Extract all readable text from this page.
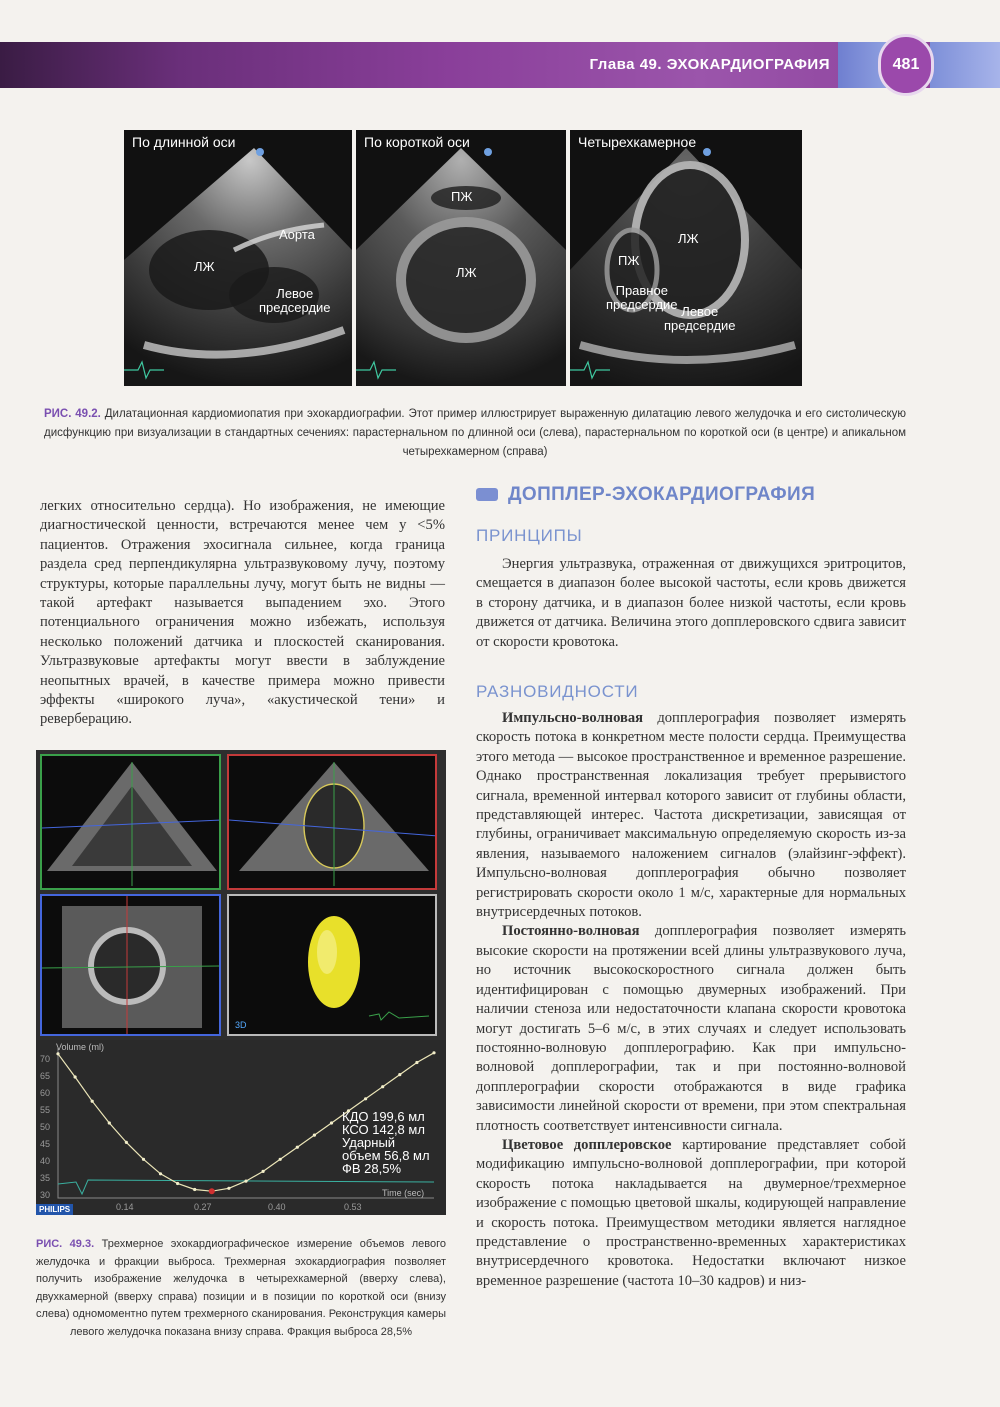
Глава 49. ЭХОКАРДИОГРАФИЯ	481
По длинной оси
Аорта
ЛЖ
Левое
предсердие
По короткой оси
ПЖ
ЛЖ
Четырехкамерное
ЛЖ
ПЖ
Правное
предсердие Левое
предсердие
РИС. 49.2. Дилатационная кардиомиопатия при эхокардиографии. Этот пример иллюстрирует выраженную дилатацию левого желудочка и его систолическую дисфункцию при визуализации в стандартных сечениях: парастернальном по длинной оси (слева), парастернальном по короткой оси (в центре) и апикальном четырехкамерном (справа)

легких относительно сердца). Но изображения, не имеющие диагностической ценности, встречаются менее чем у <5% пациентов. Отражения эхосигнала сильнее, когда граница раздела сред перпендикулярна ультразвуковому лучу, поэтому структуры, которые параллельны лучу, могут быть не видны — такой артефакт называется выпадением эхо. Этого потенциального ограничения можно избежать, используя несколько положений датчика и плоскостей сканирования. Ультразвуковые артефакты могут ввести в заблуждение неопытных врачей, в качестве примера можно привести эффекты «широкого луча», «акустической тени» и реверберацию.

3D
Volume (ml)
Time (sec)
70
65
60
55
50
45
40
35
30
0.14	0.27	0.40	0.53
КДО 199,6 мл
КСО 142,8 мл
Ударный
объем 56,8 мл
ФВ 28,5%
PHILIPS
РИС. 49.3. Трехмерное эхокардиографическое измерение объемов левого желудочка и фракции выброса. Трехмерная эхокардиография позволяет получить изображение желудочка в четырехкамерной (вверху слева), двухкамерной (вверху справа) позиции и в позиции по короткой оси (внизу слева) одномоментно путем трехмерного сканирования. Реконструкция камеры левого желудочка показана внизу справа. Фракция выброса 28,5%
ДОППЛЕР-ЭХОКАРДИОГРАФИЯ
ПРИНЦИПЫ

Энергия ультразвука, отраженная от движущихся эритроцитов, смещается в диапазон более высокой частоты, если кровь движется в сторону датчика, и в диапазон более низкой частоты, если кровь движется от датчика. Величина этого допплеровского сдвига зависит от скорости кровотока.

РАЗНОВИДНОСТИ

Импульсно-волновая допплерография позволяет измерять скорость потока в конкретном месте полости сердца. Преимущества этого метода — высокое пространственное и временное разрешение. Однако пространственная локализация требует прерывистого сигнала, временной интервал которого зависит от глубины области, представляющей интерес. Частота дискретизации, зависящая от глубины, ограничивает максимальную определяемую скорость из-за явления, называемого наложением сигналов (элайзинг-эффект). Импульсно-волновая допплерография обычно позволяет регистрировать скорости около 1 м/с, характерные для нормальных внутрисердечных потоков.

Постоянно-волновая допплерография позволяет измерять высокие скорости на протяжении всей длины ультразвукового луча, но источник высокоскоростного сигнала должен быть идентифицирован с помощью двумерных изображений. При наличии стеноза или недостаточности клапана скорости кровотока могут достигать 5–6 м/с, в этих случаях и следует использовать постоянно-волновую допплерографию. Как при импульсно-волновой допплерографии, так и при постоянно-волновой допплерографии скорости отображаются в виде графика зависимости линейной скорости от времени, при этом спектральная плотность соответствует интенсивности сигнала.

Цветовое допплеровское картирование представляет собой модификацию импульсно-волновой допплерографии, при которой скорость потока накладывается на двумерное/трехмерное изображение с помощью цветовой шкалы, кодирующей направление и скорость потока. Преимуществом методики является наглядное представление о пространственно-временных характеристиках внутрисердечного кровотока. Недостатки включают низкое временное разрешение (частота 10–30 кадров) и низ-
